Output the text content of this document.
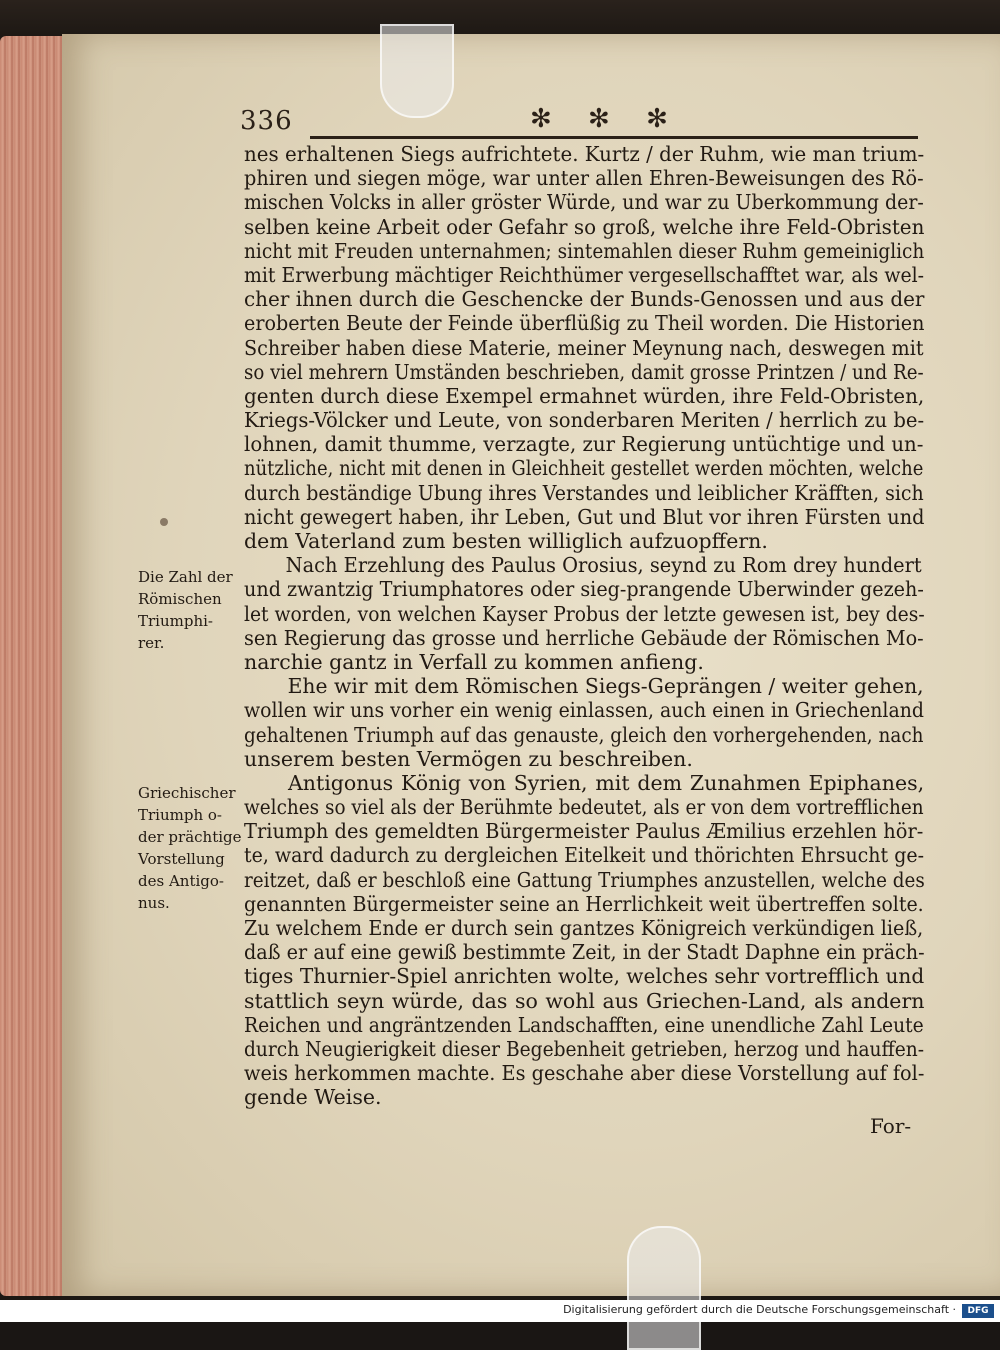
336	✻ ✻ ✻
nes erhaltenen Siegs aufrichtete. Kurtz / der Ruhm, wie man trium-
phiren und siegen möge, war unter allen Ehren-Beweisungen des Rö-
mischen Volcks in aller gröster Würde, und war zu Uberkommung der-
selben keine Arbeit oder Gefahr so groß, welche ihre Feld-Obristen
nicht mit Freuden unternahmen; sintemahlen dieser Ruhm gemeiniglich
mit Erwerbung mächtiger Reichthümer vergesellschafftet war, als wel-
cher ihnen durch die Geschencke der Bunds-Genossen und aus der
eroberten Beute der Feinde überflüßig zu Theil worden. Die Historien
Schreiber haben diese Materie, meiner Meynung nach, deswegen mit
so viel mehrern Umständen beschrieben, damit grosse Printzen / und Re-
genten durch diese Exempel ermahnet würden, ihre Feld-Obristen,
Kriegs-Völcker und Leute, von sonderbaren Meriten / herrlich zu be-
lohnen, damit thumme, verzagte, zur Regierung untüchtige und un-
nützliche, nicht mit denen in Gleichheit gestellet werden möchten, welche
durch beständige Ubung ihres Verstandes und leiblicher Kräfften, sich
nicht gewegert haben, ihr Leben, Gut und Blut vor ihren Fürsten und
dem Vaterland zum besten williglich aufzuopffern.
Nach Erzehlung des Paulus Orosius, seynd zu Rom drey hundert
und zwantzig Triumphatores oder sieg-prangende Uberwinder gezeh-
let worden, von welchen Kayser Probus der letzte gewesen ist, bey des-
sen Regierung das grosse und herrliche Gebäude der Römischen Mo-
narchie gantz in Verfall zu kommen anfieng.
Ehe wir mit dem Römischen Siegs-Geprängen / weiter gehen,
wollen wir uns vorher ein wenig einlassen, auch einen in Griechenland
gehaltenen Triumph auf das genauste, gleich den vorhergehenden, nach
unserem besten Vermögen zu beschreiben.
Antigonus König von Syrien, mit dem Zunahmen Epiphanes,
welches so viel als der Berühmte bedeutet, als er von dem vortrefflichen
Triumph des gemeldten Bürgermeister Paulus Æmilius erzehlen hör-
te, ward dadurch zu dergleichen Eitelkeit und thörichten Ehrsucht ge-
reitzet, daß er beschloß eine Gattung Triumphes anzustellen, welche des
genannten Bürgermeister seine an Herrlichkeit weit übertreffen solte.
Zu welchem Ende er durch sein gantzes Königreich verkündigen ließ,
daß er auf eine gewiß bestimmte Zeit, in der Stadt Daphne ein präch-
tiges Thurnier-Spiel anrichten wolte, welches sehr vortrefflich und
stattlich seyn würde, das so wohl aus Griechen-Land, als andern
Reichen und angräntzenden Landschafften, eine unendliche Zahl Leute
durch Neugierigkeit dieser Begebenheit getrieben, herzog und hauffen-
weis herkommen machte. Es geschahe aber diese Vorstellung auf fol-
gende Weise.
Die Zahl der
Römischen
Triumphi-
rer.
Griechischer
Triumph o-
der prächtige
Vorstellung
des Antigo-
nus.
For-
Digitalisierung gefördert durch die Deutsche Forschungsgemeinschaft ·	DFG
